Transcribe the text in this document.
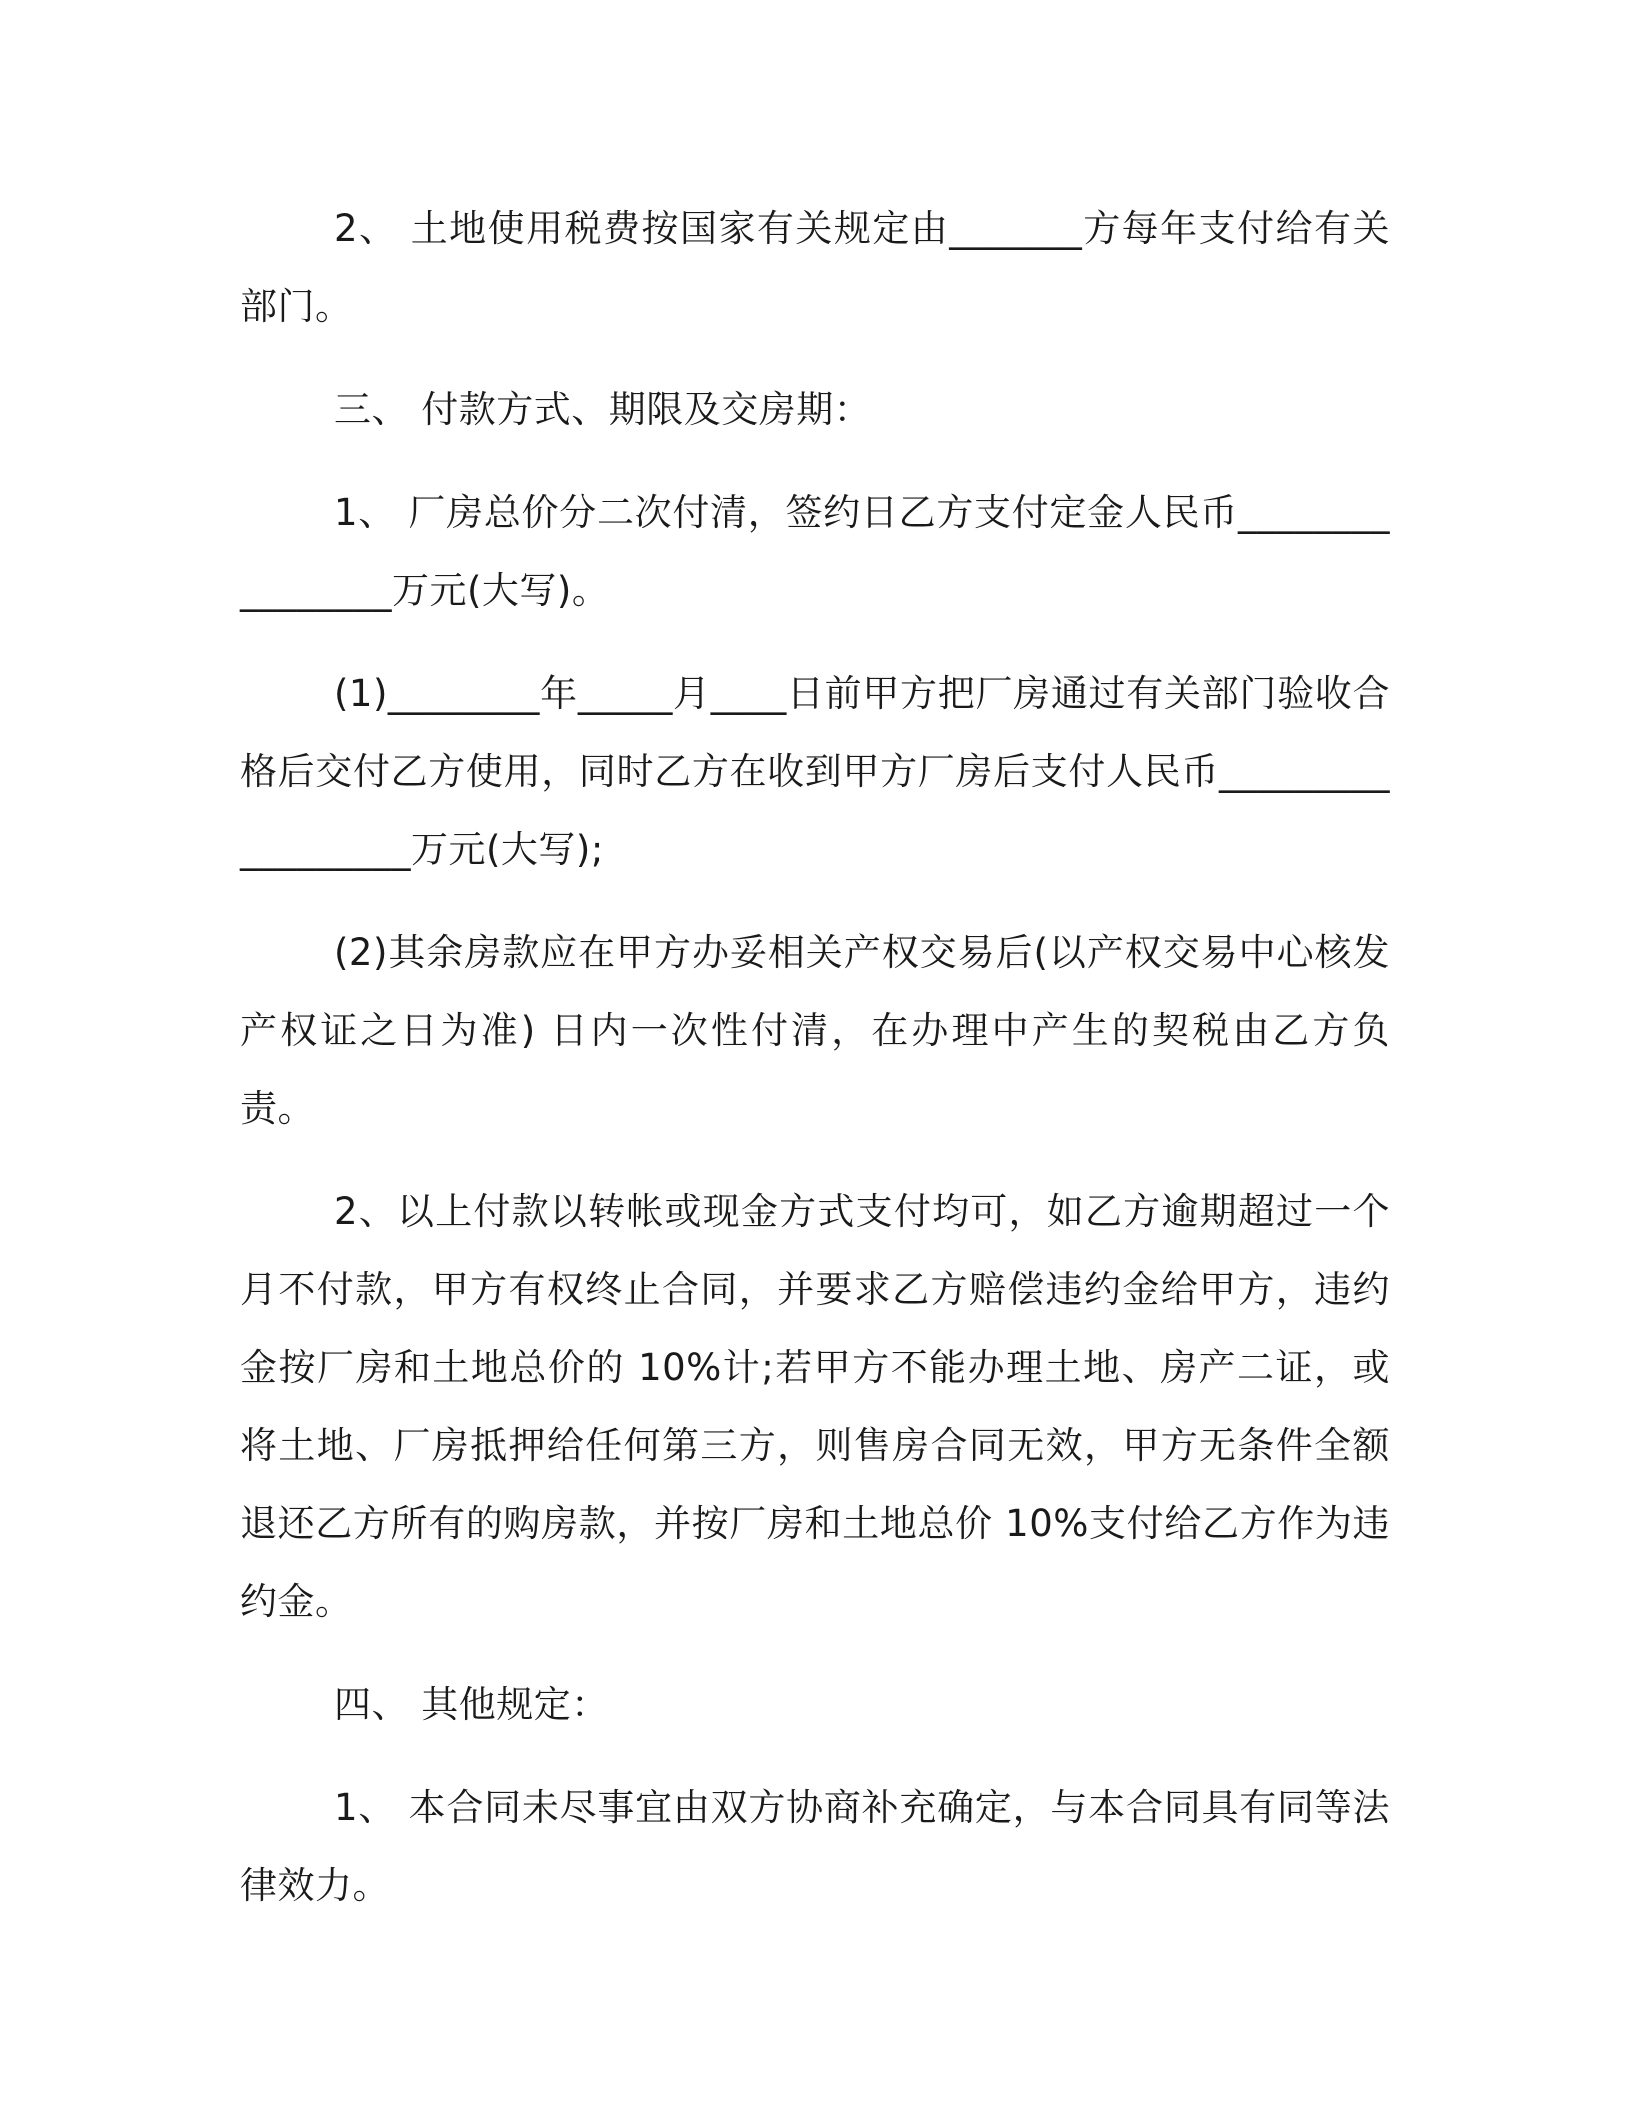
2、 土地使用税费按国家有关规定由_______方每年支付给有关部门。

三、 付款方式、期限及交房期：

1、 厂房总价分二次付清，签约日乙方支付定金人民币________________万元(大写)。

(1)________年_____月____日前甲方把厂房通过有关部门验收合格后交付乙方使用，同时乙方在收到甲方厂房后支付人民币__________________万元(大写);

(2)其余房款应在甲方办妥相关产权交易后(以产权交易中心核发产权证之日为准) 日内一次性付清，在办理中产生的契税由乙方负责。

2、以上付款以转帐或现金方式支付均可，如乙方逾期超过一个月不付款，甲方有权终止合同，并要求乙方赔偿违约金给甲方，违约金按厂房和土地总价的 10%计;若甲方不能办理土地、房产二证，或将土地、厂房抵押给任何第三方，则售房合同无效，甲方无条件全额退还乙方所有的购房款，并按厂房和土地总价 10%支付给乙方作为违约金。

四、 其他规定：

1、 本合同未尽事宜由双方协商补充确定，与本合同具有同等法律效力。
